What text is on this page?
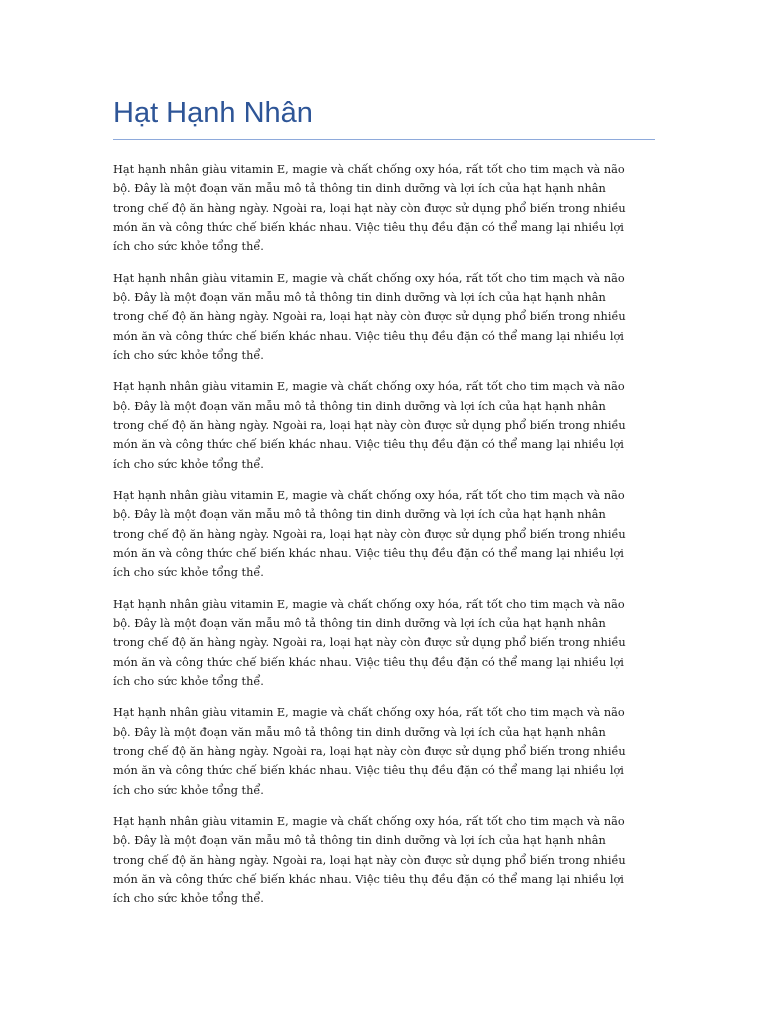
Hạt Hạnh Nhân

Hạt hạnh nhân giàu vitamin E, magie và chất chống oxy hóa, rất tốt cho tim mạch và não
bộ. Đây là một đoạn văn mẫu mô tả thông tin dinh dưỡng và lợi ích của hạt hạnh nhân
trong chế độ ăn hàng ngày. Ngoài ra, loại hạt này còn được sử dụng phổ biến trong nhiều
món ăn và công thức chế biến khác nhau. Việc tiêu thụ đều đặn có thể mang lại nhiều lợi
ích cho sức khỏe tổng thể.

Hạt hạnh nhân giàu vitamin E, magie và chất chống oxy hóa, rất tốt cho tim mạch và não
bộ. Đây là một đoạn văn mẫu mô tả thông tin dinh dưỡng và lợi ích của hạt hạnh nhân
trong chế độ ăn hàng ngày. Ngoài ra, loại hạt này còn được sử dụng phổ biến trong nhiều
món ăn và công thức chế biến khác nhau. Việc tiêu thụ đều đặn có thể mang lại nhiều lợi
ích cho sức khỏe tổng thể.

Hạt hạnh nhân giàu vitamin E, magie và chất chống oxy hóa, rất tốt cho tim mạch và não
bộ. Đây là một đoạn văn mẫu mô tả thông tin dinh dưỡng và lợi ích của hạt hạnh nhân
trong chế độ ăn hàng ngày. Ngoài ra, loại hạt này còn được sử dụng phổ biến trong nhiều
món ăn và công thức chế biến khác nhau. Việc tiêu thụ đều đặn có thể mang lại nhiều lợi
ích cho sức khỏe tổng thể.

Hạt hạnh nhân giàu vitamin E, magie và chất chống oxy hóa, rất tốt cho tim mạch và não
bộ. Đây là một đoạn văn mẫu mô tả thông tin dinh dưỡng và lợi ích của hạt hạnh nhân
trong chế độ ăn hàng ngày. Ngoài ra, loại hạt này còn được sử dụng phổ biến trong nhiều
món ăn và công thức chế biến khác nhau. Việc tiêu thụ đều đặn có thể mang lại nhiều lợi
ích cho sức khỏe tổng thể.

Hạt hạnh nhân giàu vitamin E, magie và chất chống oxy hóa, rất tốt cho tim mạch và não
bộ. Đây là một đoạn văn mẫu mô tả thông tin dinh dưỡng và lợi ích của hạt hạnh nhân
trong chế độ ăn hàng ngày. Ngoài ra, loại hạt này còn được sử dụng phổ biến trong nhiều
món ăn và công thức chế biến khác nhau. Việc tiêu thụ đều đặn có thể mang lại nhiều lợi
ích cho sức khỏe tổng thể.

Hạt hạnh nhân giàu vitamin E, magie và chất chống oxy hóa, rất tốt cho tim mạch và não
bộ. Đây là một đoạn văn mẫu mô tả thông tin dinh dưỡng và lợi ích của hạt hạnh nhân
trong chế độ ăn hàng ngày. Ngoài ra, loại hạt này còn được sử dụng phổ biến trong nhiều
món ăn và công thức chế biến khác nhau. Việc tiêu thụ đều đặn có thể mang lại nhiều lợi
ích cho sức khỏe tổng thể.

Hạt hạnh nhân giàu vitamin E, magie và chất chống oxy hóa, rất tốt cho tim mạch và não
bộ. Đây là một đoạn văn mẫu mô tả thông tin dinh dưỡng và lợi ích của hạt hạnh nhân
trong chế độ ăn hàng ngày. Ngoài ra, loại hạt này còn được sử dụng phổ biến trong nhiều
món ăn và công thức chế biến khác nhau. Việc tiêu thụ đều đặn có thể mang lại nhiều lợi
ích cho sức khỏe tổng thể.
